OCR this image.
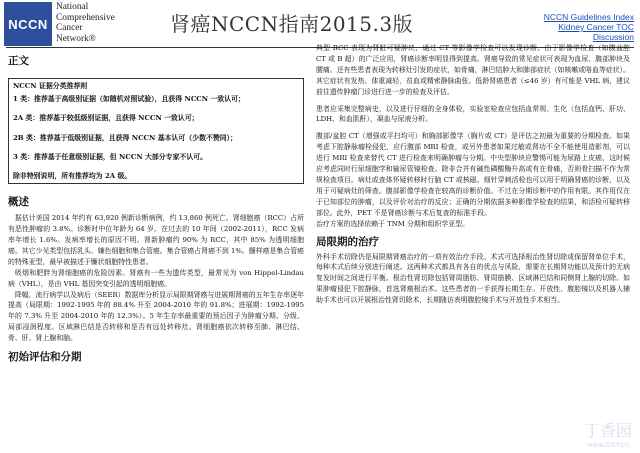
NCCN
National
Comprehensive
Cancer
Network®
肾癌NCCN指南2015.3版	NCCN Guidelines Index
Kidney Cancer TOC
Discussion

正文

NCCN 证据分类推荐则
1 类：推荐基于高级别证据（如随机对照试验），且获得 NCCN 一致认可；
2A 类：推荐基于较低级别证据，且获得 NCCN 一致认可；
2B 类：推荐基于低级别证据，且获得 NCCN 基本认可（少数不赞同）；
3 类：推荐基于任意级别证据，但 NCCN 大部分专家不认可。
除非特别说明，所有推荐均为 2A 级。

概述

据估计美国 2014 年约有 63,920 例新诊断病例，约 13,860 例死亡。肾细胞癌（RCC）占所有恶性肿瘤的 3.8%。诊断时中位年龄为 64 岁。在过去的 10 年间（2002-2011），RCC 发病率年增长 1.6%。发病率增长的原因不明。肾新肿瘤约 90% 为 RCC，其中 85% 为透明细胞癌。其它少见类型包括乳头、嫌色细胞和集合管癌。集合管癌占肾癌不到 1%。髓样癌是集合管癌的特殊亚型，最早被描述于镰状细胞特性患者。

吸烟和肥胖为肾细胞癌的危险因素。肾癌有一些为遗传类型，最常见为 von Hippel-Lindau 病（VHL），是由 VHL 基因突变引起的透明细胞癌。

降幅，流行病学以及病后（SEER）数据库分析显示局限期肾癌与进展期肾癌的五年生存率逐年提高（局限期：1992-1995 年的 88.4% 升至 2004-2010 年的 91.8%；进展期：1992-1995 年的 7.3% 升至 2004-2010 年的 12.3%）。5 年生存率最重要的预后因子为肿瘤分期、分级、局部浸润程度、区域淋巴结是否转移和是否有远处转移灶。肾细胞癌依次转移至肺、淋巴结、骨、肝、肾上腺和脑。

初始评估和分期

典型 RCC 表现为肾脏可疑肿块，通过 CT 等影像学检查可以发现诊断。由于影像学检查（如腹盆腔 CT 或 B 超）的广泛应用，肾癌诊断率明显得到提高。肾癌导致的常见症状可表现为血尿、腹部肿块及腰痛。还有些患者表现为转移灶引发的症状，如骨痛，淋巴结肿大和肺部症状（如咳嗽或咯血等症状）。其它症状有发热、体重减轻，贫血或精索静脉曲张。低龄肾癌患者（≤46 岁）有可能是 VHL 病，建议前往遗传肿瘤门诊进行进一步的检查及评估。

患者应采集完整病史，以及进行仔细的全身体检，实验室检查应包括血常规、生化（包括血钙、肝功、LDH、和血肌酐），凝血与尿液分析。

腹部/盆腔 CT（增强或平扫均可）和胸部影像学（胸片或 CT）是评估之初最为重要的分期检查。如果考虑下腔静脉瘤栓侵犯，应行腹部 MRI 检查，或另外患者如果过敏或肾功不全不能使用造影剂，可以进行 MRI 检查来替代 CT 进行检查来明确肿瘤与分期。中央型肿块应警惕可能为尿路上皮癌，这时候应考虑同时行尿细胞学和输尿管镜检查。除非合并有碱性磷酸酶升高或有在骨痛，否则骨扫描不作为常规检查项目。病灶或查体怀疑转移时行脑 CT 或核磁。细针穿刺活检也可以用于明确肾癌的诊断，以及用于可疑病灶的筛查。腹部影像学检查在较高的诊断价值。不过在分期诊断中的作用有限。其作用仅在于已知部位的肿瘤，以及评价对治疗的反应；正确的分期依据多种影像学检查的结果，和活检可疑转移部位。此外，PET 不是肾癌诊断与术后复查的标准手段。

治疗方案的选择依赖于 TNM 分期和组织学亚型。

局限期的治疗

外科手术切除仍是局限期肾癌治疗的一项有效治疗手段。术式可选择根治性肾切除或保留肾单位手术，每种术式后续分别进行阐述。这两种术式都具有各自的优点与风险，需要在长期肾功能以及预计的无病复发时间之间进行平衡。根治性肾切除包括肾周脂肪、肾周筋膜、区域淋巴结和同侧肾上腺的切除。如果肿瘤侵犯下腔静脉，首选肾癌根治术。这些患者的一手获得长期生存。开放性、腹腔镜以及机器人辅助手术也可以开展根治性肾切除术，长期随访表明腹腔镜手术与开放性手术相当。

丁香园
www.DXY.cn
